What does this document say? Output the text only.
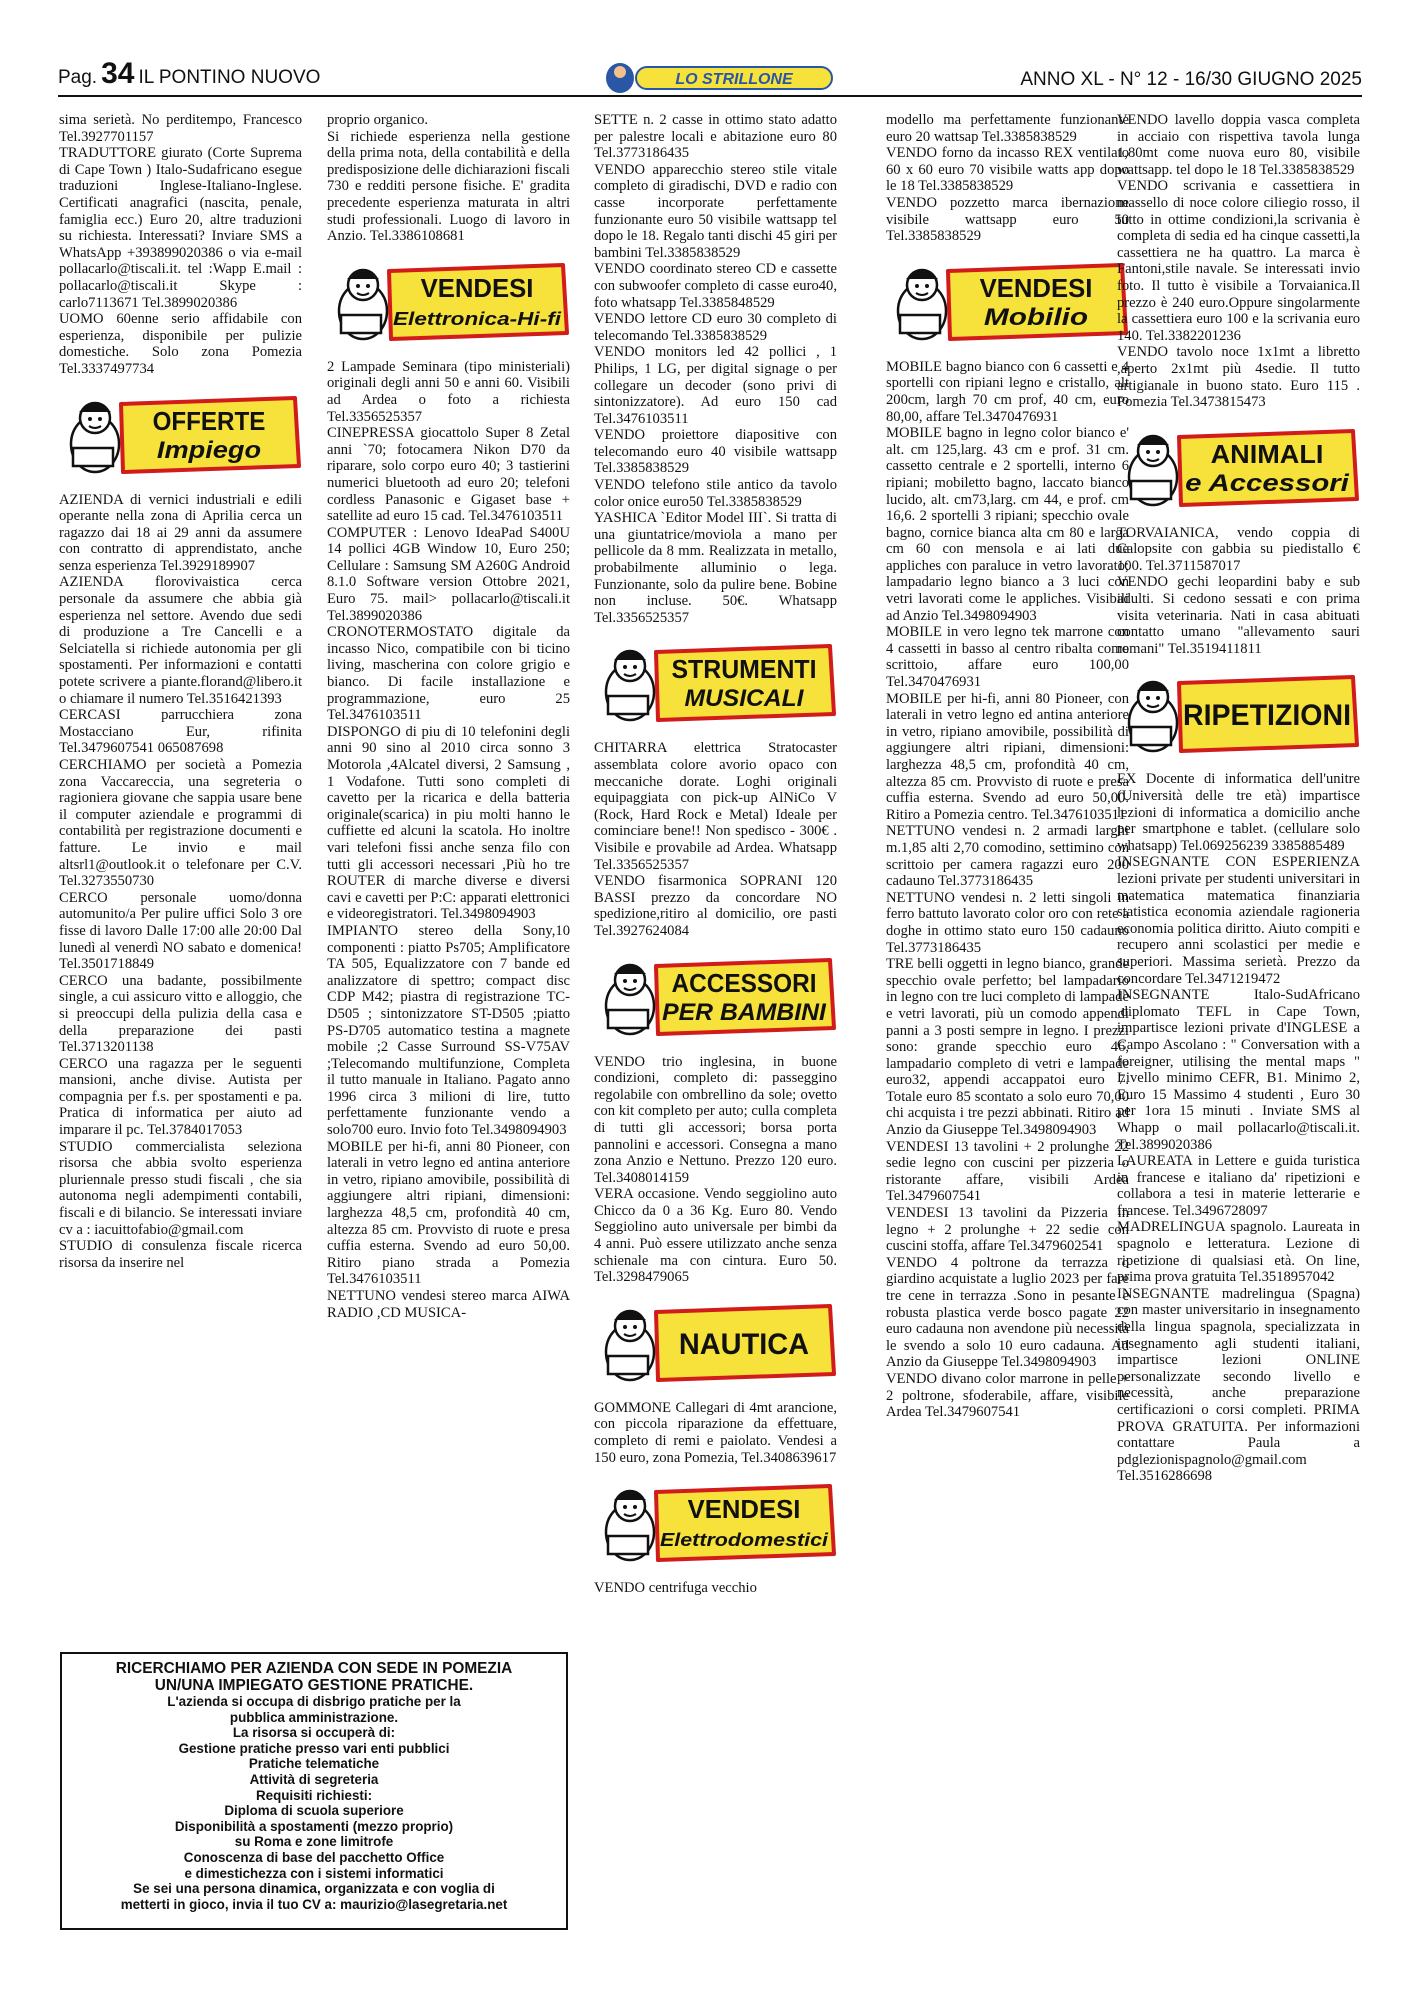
Pag. 34 IL PONTINO NUOVO	LO STRILLONE	ANNO XL - N° 12 - 16/30 GIUGNO 2025

sima serietà. No perditempo, Francesco Tel.3927701157

TRADUTTORE giurato (Corte Suprema di Cape Town ) Italo-Sudafricano esegue traduzioni Inglese-Italiano-Inglese. Certificati anagrafici (nascita, penale, famiglia ecc.) Euro 20, altre traduzioni su richiesta. Interessati? Inviare SMS a WhatsApp +393899020386 o via e-mail pollacarlo@tiscali.it. tel :Wapp E.mail : pollacarlo@tiscali.it Skype : carlo7113671 Tel.3899020386

UOMO 60enne serio affidabile con esperienza, disponibile per pulizie domestiche. Solo zona Pomezia Tel.3337497734

OFFERTE
Impiego

AZIENDA di vernici industriali e edili operante nella zona di Aprilia cerca un ragazzo dai 18 ai 29 anni da assumere con contratto di apprendistato, anche senza esperienza Tel.3929189907

AZIENDA florovivaistica cerca personale da assumere che abbia già esperienza nel settore. Avendo due sedi di produzione a Tre Cancelli e a Selciatella si richiede autonomia per gli spostamenti. Per informazioni e contatti potete scrivere a piante.florand@libero.it o chiamare il numero Tel.3516421393

CERCASI parrucchiera zona Mostacciano Eur, rifinita Tel.3479607541 065087698

CERCHIAMO per società a Pomezia zona Vaccareccia, una segreteria o ragioniera giovane che sappia usare bene il computer aziendale e programmi di contabilità per registrazione documenti e fatture. Le invio e mail altsrl1@outlook.it o telefonare per C.V. Tel.3273550730

CERCO personale uomo/donna automunito/a Per pulire uffici Solo 3 ore fisse di lavoro Dalle 17:00 alle 20:00 Dal lunedì al venerdì NO sabato e domenica! Tel.3501718849

CERCO una badante, possibilmente single, a cui assicuro vitto e alloggio, che si preoccupi della pulizia della casa e della preparazione dei pasti Tel.3713201138

CERCO una ragazza per le seguenti mansioni, anche divise. Autista per compagnia per f.s. per spostamenti e pa. Pratica di informatica per aiuto ad imparare il pc. Tel.3784017053

STUDIO commercialista seleziona risorsa che abbia svolto esperienza pluriennale presso studi fiscali , che sia autonoma negli adempimenti contabili, fiscali e di bilancio. Se interessati inviare cv a : iacuittofabio@gmail.com

STUDIO di consulenza fiscale ricerca risorsa da inserire nel

proprio organico.

Si richiede esperienza nella gestione della prima nota, della contabilità e della predisposizione delle dichiarazioni fiscali 730 e redditi persone fisiche. E' gradita precedente esperienza maturata in altri studi professionali. Luogo di lavoro in Anzio. Tel.3386108681

VENDESI
Elettronica-Hi-fi

2 Lampade Seminara (tipo ministeriali) originali degli anni 50 e anni 60. Visibili ad Ardea o foto a richiesta Tel.3356525357

CINEPRESSA giocattolo Super 8 Zetal anni `70; fotocamera Nikon D70 da riparare, solo corpo euro 40; 3 tastierini numerici bluetooth ad euro 20; telefoni cordless Panasonic e Gigaset base + satellite ad euro 15 cad. Tel.3476103511

COMPUTER : Lenovo IdeaPad S400U 14 pollici 4GB Window 10, Euro 250; Cellulare : Samsung SM A260G Android 8.1.0 Software version Ottobre 2021, Euro 75. mail> pollacarlo@tiscali.it Tel.3899020386

CRONOTERMOSTATO digitale da incasso Nico, compatibile con bi ticino living, mascherina con colore grigio e bianco. Di facile installazione e programmazione, euro 25 Tel.3476103511

DISPONGO di piu di 10 telefonini degli anni 90 sino al 2010 circa sonno 3 Motorola ,4Alcatel diversi, 2 Samsung , 1 Vodafone. Tutti sono completi di cavetto per la ricarica e della batteria originale(scarica) in piu molti hanno le cuffiette ed alcuni la scatola. Ho inoltre vari telefoni fissi anche senza filo con tutti gli accessori necessari ,Più ho tre ROUTER di marche diverse e diversi cavi e cavetti per P:C: apparati elettronici e videoregistratori. Tel.3498094903

IMPIANTO stereo della Sony,10 componenti : piatto Ps705; Amplificatore TA 505, Equalizzatore con 7 bande ed analizzatore di spettro; compact disc CDP M42; piastra di registrazione TC-D505 ; sintonizzatore ST-D505 ;piatto PS-D705 automatico testina a magnete mobile ;2 Casse Surround SS-V75AV ;Telecomando multifunzione, Completa il tutto manuale in Italiano. Pagato anno 1996 circa 3 milioni di lire, tutto perfettamente funzionante vendo a solo700 euro. Invio foto Tel.3498094903

MOBILE per hi-fi, anni 80 Pioneer, con laterali in vetro legno ed antina anteriore in vetro, ripiano amovibile, possibilità di aggiungere altri ripiani, dimensioni: larghezza 48,5 cm, profondità 40 cm, altezza 85 cm. Provvisto di ruote e presa cuffia esterna. Svendo ad euro 50,00. Ritiro piano strada a Pomezia Tel.3476103511

NETTUNO vendesi stereo marca AIWA RADIO ,CD MUSICA-

SETTE n. 2 casse in ottimo stato adatto per palestre locali e abitazione euro 80 Tel.3773186435

VENDO apparecchio stereo stile vitale completo di giradischi, DVD e radio con casse incorporate perfettamente funzionante euro 50 visibile wattsapp tel dopo le 18. Regalo tanti dischi 45 giri per bambini Tel.3385838529

VENDO coordinato stereo CD e cassette con subwoofer completo di casse euro40, foto whatsapp Tel.3385848529

VENDO lettore CD euro 30 completo di telecomando Tel.3385838529

VENDO monitors led 42 pollici , 1 Philips, 1 LG, per digital signage o per collegare un decoder (sono privi di sintonizzatore). Ad euro 150 cad Tel.3476103511

VENDO proiettore diapositive con telecomando euro 40 visibile wattsapp Tel.3385838529

VENDO telefono stile antico da tavolo color onice euro50 Tel.3385838529

YASHICA `Editor Model III`. Si tratta di una giuntatrice/moviola a mano per pellicole da 8 mm. Realizzata in metallo, probabilmente alluminio o lega. Funzionante, solo da pulire bene. Bobine non incluse. 50€. Whatsapp Tel.3356525357

STRUMENTI
MUSICALI

CHITARRA elettrica Stratocaster assemblata colore avorio opaco con meccaniche dorate. Loghi originali equipaggiata con pick-up AlNiCo V (Rock, Hard Rock e Metal) Ideale per cominciare bene!! Non spedisco - 300€ . Visibile e provabile ad Ardea. Whatsapp Tel.3356525357

VENDO fisarmonica SOPRANI 120 BASSI prezzo da concordare NO spedizione,ritiro al domicilio, ore pasti Tel.3927624084

ACCESSORI
PER BAMBINI

VENDO trio inglesina, in buone condizioni, completo di: passeggino regolabile con ombrellino da sole; ovetto con kit completo per auto; culla completa di tutti gli accessori; borsa porta pannolini e accessori. Consegna a mano zona Anzio e Nettuno. Prezzo 120 euro. Tel.3408014159

VERA occasione. Vendo seggiolino auto Chicco da 0 a 36 Kg. Euro 80. Vendo Seggiolino auto universale per bimbi da 4 anni. Può essere utilizzato anche senza schienale ma con cintura. Euro 50. Tel.3298479065

NAUTICA

GOMMONE Callegari di 4mt arancione, con piccola riparazione da effettuare, completo di remi e paiolato. Vendesi a 150 euro, zona Pomezia, Tel.3408639617

VENDESI
Elettrodomestici

VENDO centrifuga vecchio

modello ma perfettamente funzionante euro 20 wattsap Tel.3385838529

VENDO forno da incasso REX ventilato 60 x 60 euro 70 visibile watts app dopo le 18 Tel.3385838529

VENDO pozzetto marca ibernazione visibile wattsapp euro 50 Tel.3385838529

VENDESI
Mobilio

MOBILE bagno bianco con 6 cassetti e 4 sportelli con ripiani legno e cristallo, alt 200cm, largh 70 cm prof, 40 cm, euro 80,00, affare Tel.3470476931

MOBILE bagno in legno color bianco e' alt. cm 125,larg. 43 cm e prof. 31 cm. cassetto centrale e 2 sportelli, interno 6 ripiani; mobiletto bagno, laccato bianco lucido, alt. cm73,larg. cm 44, e prof. cm 16,6. 2 sportelli 3 ripiani; specchio ovale bagno, cornice bianca alta cm 80 e larga cm 60 con mensola e ai lati due appliches con paraluce in vetro lavorato; lampadario legno bianco a 3 luci con vetri lavorati come le appliches. Visibili ad Anzio Tel.3498094903

MOBILE in vero legno tek marrone con 4 cassetti in basso al centro ribalta come scrittoio, affare euro 100,00 Tel.3470476931

MOBILE per hi-fi, anni 80 Pioneer, con laterali in vetro legno ed antina anteriore in vetro, ripiano amovibile, possibilità di aggiungere altri ripiani, dimensioni: larghezza 48,5 cm, profondità 40 cm, altezza 85 cm. Provvisto di ruote e presa cuffia esterna. Svendo ad euro 50,00. Ritiro a Pomezia centro. Tel.3476103511

NETTUNO vendesi n. 2 armadi larghi m.1,85 alti 2,70 comodino, settimino con scrittoio per camera ragazzi euro 200 cadauno Tel.3773186435

NETTUNO vendesi n. 2 letti singoli in ferro battuto lavorato color oro con rete a doghe in ottimo stato euro 150 cadauno Tel.3773186435

TRE belli oggetti in legno bianco, grande specchio ovale perfetto; bel lampadario in legno con tre luci completo di lampade e vetri lavorati, più un comodo appendi panni a 3 posti sempre in legno. I prezzi sono: grande specchio euro 46, lampadario completo di vetri e lampade euro32, appendi accappatoi euro 7. Totale euro 85 scontato a solo euro 70,00 chi acquista i tre pezzi abbinati. Ritiro ad Anzio da Giuseppe Tel.3498094903

VENDESI 13 tavolini + 2 prolunghe 22 sedie legno con cuscini per pizzeria o ristorante affare, visibili Ardea Tel.3479607541

VENDESI 13 tavolini da Pizzeria in legno + 2 prolunghe + 22 sedie con cuscini stoffa, affare Tel.3479602541

VENDO 4 poltrone da terrazza o giardino acquistate a luglio 2023 per fare tre cene in terrazza .Sono in pesante e robusta plastica verde bosco pagate 22 euro cadauna non avendone più necessità le svendo a solo 10 euro cadauna. Ad Anzio da Giuseppe Tel.3498094903

VENDO divano color marrone in pelle + 2 poltrone, sfoderabile, affare, visibile Ardea Tel.3479607541

VENDO lavello doppia vasca completa in acciaio con rispettiva tavola lunga 1,80mt come nuova euro 80, visibile wattsapp. tel dopo le 18 Tel.3385838529

VENDO scrivania e cassettiera in massello di noce colore ciliegio rosso, il tutto in ottime condizioni,la scrivania è completa di sedia ed ha cinque cassetti,la cassettiera ne ha quattro. La marca è Fantoni,stile navale. Se interessati invio foto. Il tutto è visibile a Torvaianica.Il prezzo è 240 euro.Oppure singolarmente la cassettiera euro 100 e la scrivania euro 140. Tel.3382201236

VENDO tavolo noce 1x1mt a libretto ,aperto 2x1mt più 4sedie. Il tutto artigianale in buono stato. Euro 115 . Pomezia Tel.3473815473

ANIMALI
e Accessori

TORVAIANICA, vendo coppia di Calopsite con gabbia su piedistallo € 100. Tel.3711587017

VENDO gechi leopardini baby e sub adulti. Si cedono sessati e con prima visita veterinaria. Nati in casa abituati contatto umano "allevamento sauri romani" Tel.3519411811

RIPETIZIONI

EX Docente di informatica dell'unitre (Università delle tre età) impartisce lezioni di informatica a domicilio anche per smartphone e tablet. (cellulare solo whatsapp) Tel.069256239 3385885489

INSEGNANTE CON ESPERIENZA lezioni private per studenti universitari in matematica matematica finanziaria statistica economia aziendale ragioneria economia politica diritto. Aiuto compiti e recupero anni scolastici per medie e superiori. Massima serietà. Prezzo da concordare Tel.3471219472

INSEGNANTE Italo-SudAfricano ,diplomato TEFL in Cape Town, impartisce lezioni private d'INGLESE a Campo Ascolano : " Conversation with a foreigner, utilising the mental maps " Livello minimo CEFR, B1. Minimo 2, Euro 15 Massimo 4 studenti , Euro 30 per 1ora 15 minuti . Inviate SMS al Whapp o mail pollacarlo@tiscali.it. Tel.3899020386

LAUREATA in Lettere e guida turistica in francese e italiano da' ripetizioni e collabora a tesi in materie letterarie e francese. Tel.3496728097

MADRELINGUA spagnolo. Laureata in spagnolo e letteratura. Lezione di ripetizione di qualsiasi età. On line, prima prova gratuita Tel.3518957042

INSEGNANTE madrelingua (Spagna) con master universitario in insegnamento della lingua spagnola, specializzata in insegnamento agli studenti italiani, impartisce lezioni ONLINE personalizzate secondo livello e necessità, anche preparazione certificazioni o corsi completi. PRIMA PROVA GRATUITA. Per informazioni contattare Paula a pdglezionispagnolo@gmail.com Tel.3516286698

RICERCHIAMO PER AZIENDA CON SEDE IN POMEZIA
UN/UNA IMPIEGATO GESTIONE PRATICHE.
L'azienda si occupa di disbrigo pratiche per la
pubblica amministrazione.
La risorsa si occuperà di:
Gestione pratiche presso vari enti pubblici
Pratiche telematiche
Attività di segreteria
Requisiti richiesti:
Diploma di scuola superiore
Disponibilità a spostamenti (mezzo proprio)
su Roma e zone limitrofe
Conoscenza di base del pacchetto Office
e dimestichezza con i sistemi informatici
Se sei una persona dinamica, organizzata e con voglia di
metterti in gioco, invia il tuo CV a: maurizio@lasegretaria.net
